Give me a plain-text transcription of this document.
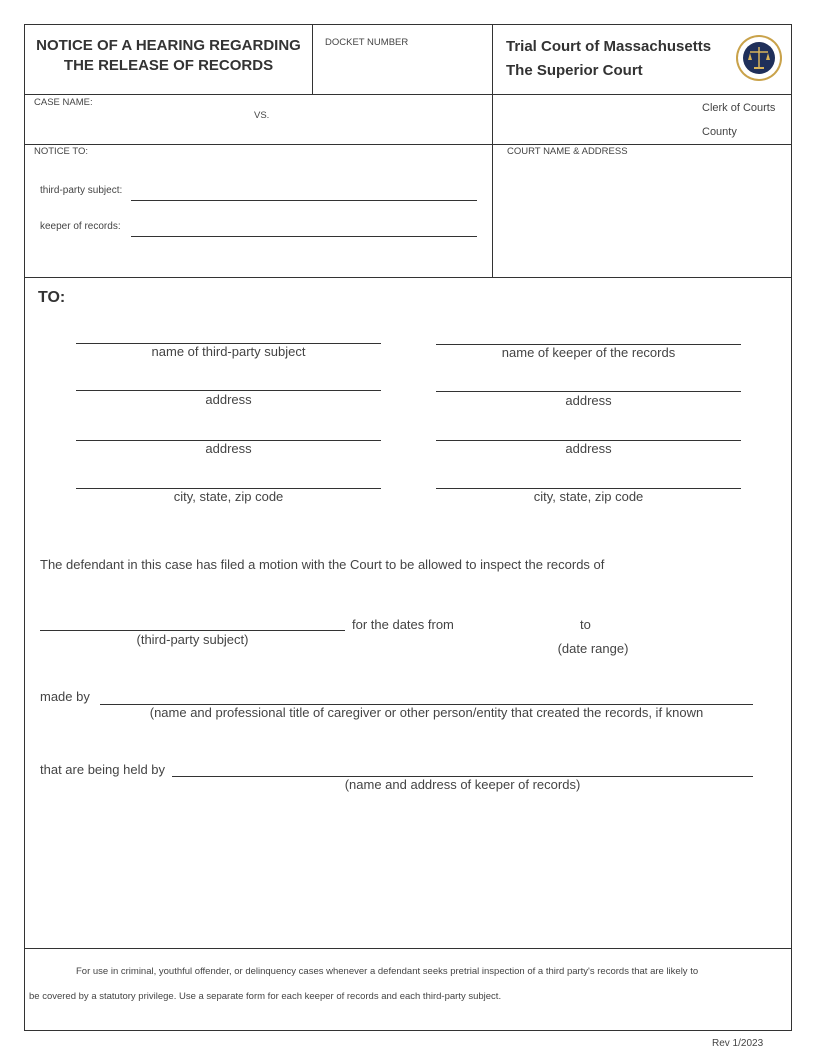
NOTICE OF A HEARING REGARDING
THE RELEASE OF RECORDS
DOCKET NUMBER	Trial Court of Massachusetts
The Superior Court
CASE NAME:
VS.
Clerk of Courts
County
NOTICE TO:
third-party subject:
keeper of records:
COURT NAME & ADDRESS
TO:
name of third-party subject
address
address
city, state, zip code
name of keeper of the records
address
address
city, state, zip code
The defendant in this case has filed a motion with the Court to be allowed to inspect the records of
for the dates from	to
(third-party subject)
(date range)
made by
(name and professional title of caregiver or other person/entity that created the records, if known
that are being held by
(name and address of keeper of records)
For use in criminal, youthful offender, or delinquency cases whenever a defendant seeks pretrial inspection of a third party's records that are likely to
be covered by a statutory privilege. Use a separate form for each keeper of records and each third-party subject.
Rev 1/2023
